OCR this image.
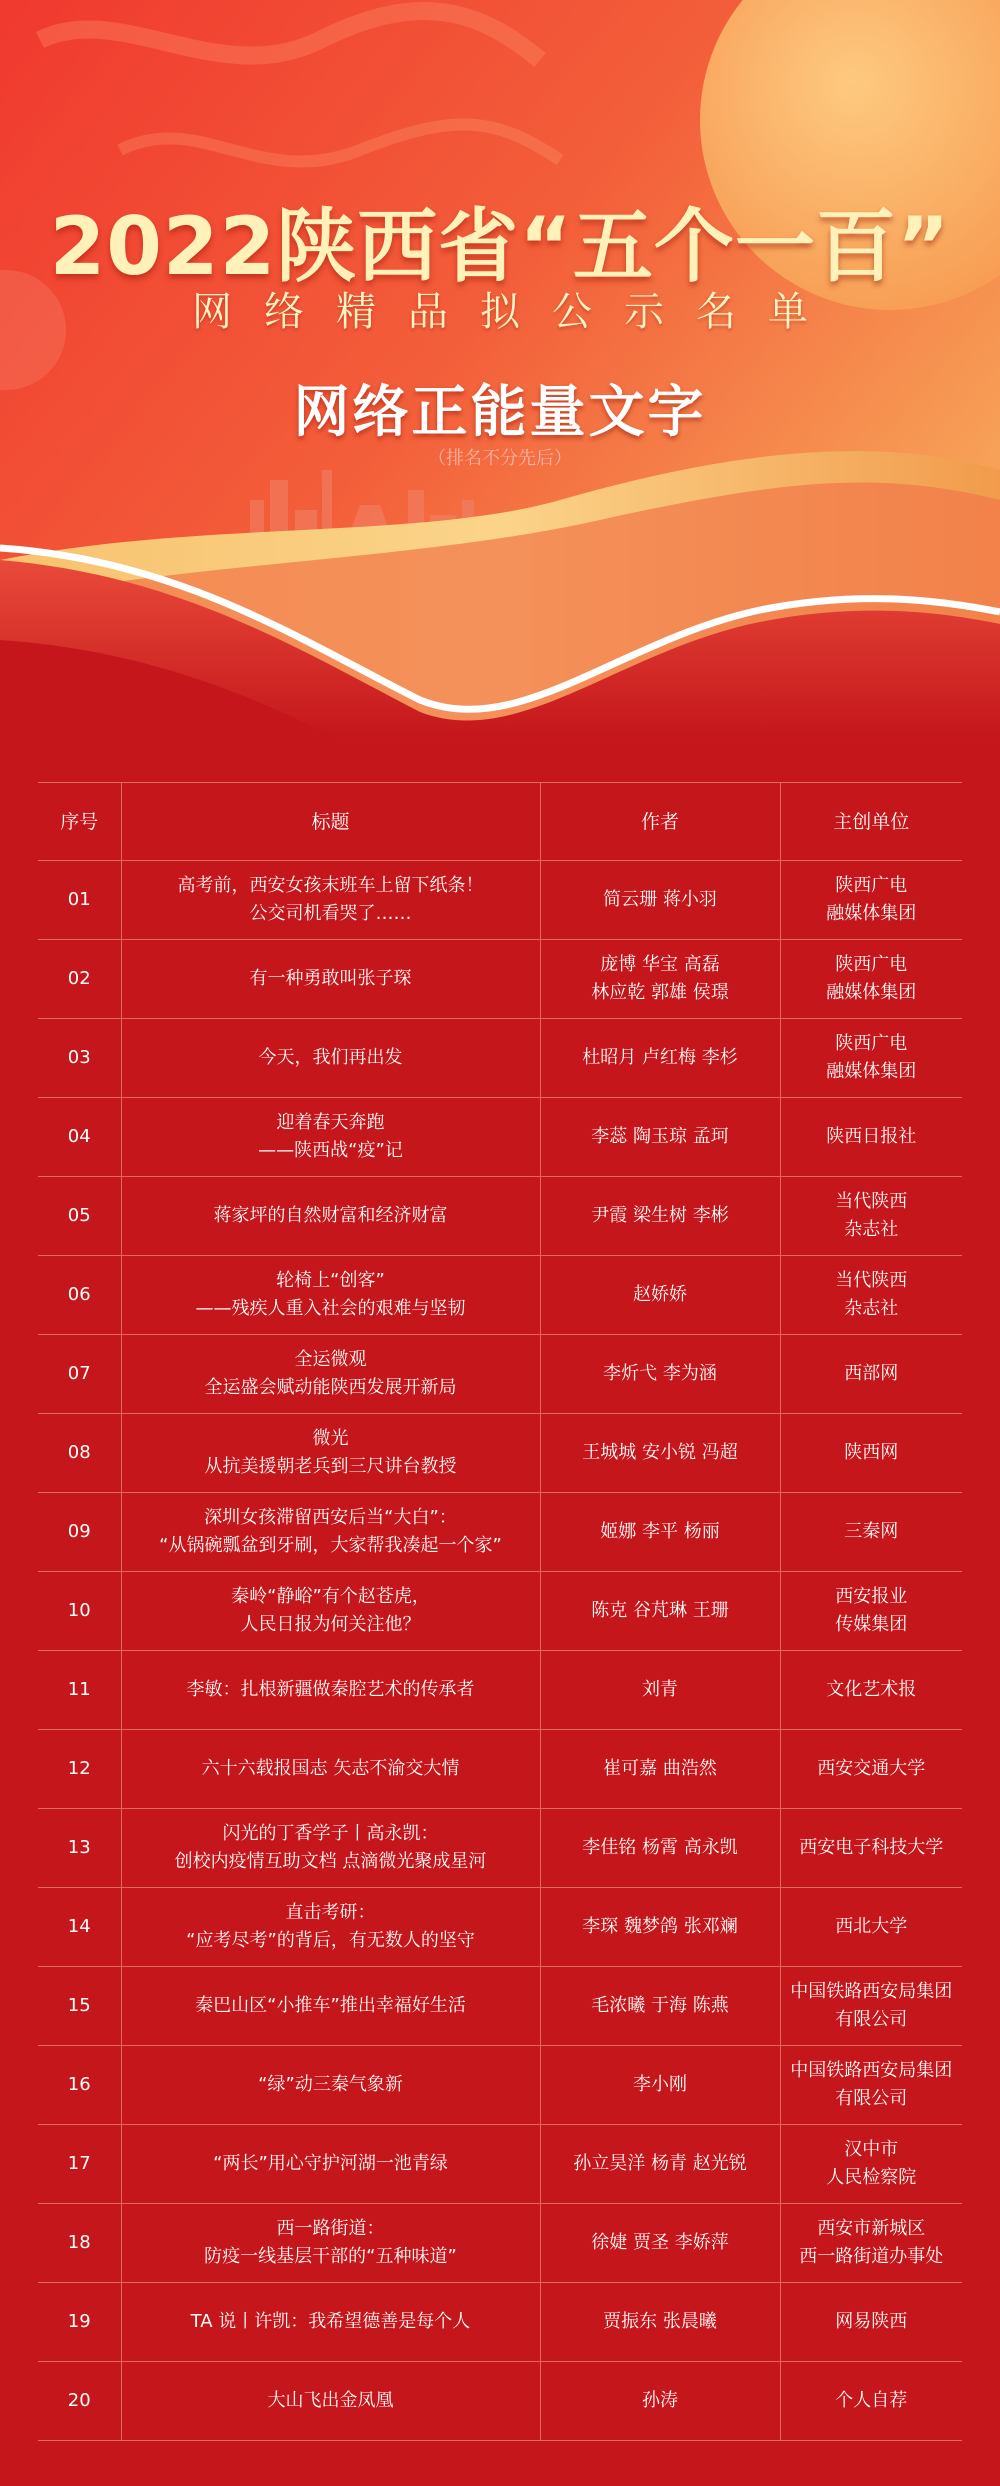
2022陕西省“五个一百”
网络精品拟公示名单
网络正能量文字
（排名不分先后）
序号	标题	作者	主创单位
01	高考前，西安女孩末班车上留下纸条！
公交司机看哭了……	简云珊 蒋小羽	陕西广电
融媒体集团

02	有一种勇敢叫张子琛	庞博 华宝 高磊
林应乾 郭雄 侯璟	陕西广电
融媒体集团

03	今天，我们再出发	杜昭月 卢红梅 李杉	陕西广电
融媒体集团

04	迎着春天奔跑
——陕西战“疫”记	李蕊 陶玉琼 孟珂	陕西日报社

05	蒋家坪的自然财富和经济财富	尹霞 梁生树 李彬	当代陕西
杂志社

06	轮椅上“创客”
——残疾人重入社会的艰难与坚韧	赵娇娇	当代陕西
杂志社

07	全运微观
全运盛会赋动能陕西发展开新局	李炘弋 李为涵	西部网

08	微光
从抗美援朝老兵到三尺讲台教授	王城城 安小锐 冯超	陕西网

09	深圳女孩滞留西安后当“大白”：
“从锅碗瓢盆到牙刷，大家帮我凑起一个家”	姬娜 李平 杨丽	三秦网

10	秦岭“静峪”有个赵苍虎，
人民日报为何关注他？	陈克 谷芃琳 王珊	西安报业
传媒集团

11	李敏：扎根新疆做秦腔艺术的传承者	刘青	文化艺术报

12	六十六载报国志 矢志不渝交大情	崔可嘉 曲浩然	西安交通大学

13	闪光的丁香学子丨高永凯：
创校内疫情互助文档 点滴微光聚成星河	李佳铭 杨霄 高永凯	西安电子科技大学

14	直击考研：
“应考尽考”的背后，有无数人的坚守	李琛 魏梦鸽 张邓斓	西北大学

15	秦巴山区“小推车”推出幸福好生活	毛浓曦 于海 陈燕	中国铁路西安局集团
有限公司

16	“绿”动三秦气象新	李小刚	中国铁路西安局集团
有限公司

17	“两长”用心守护河湖一池青绿	孙立昊洋 杨青 赵光锐	汉中市
人民检察院

18	西一路街道：
防疫一线基层干部的“五种味道”	徐婕 贾圣 李娇萍	西安市新城区
西一路街道办事处

19	TA 说丨许凯：我希望德善是每个人	贾振东 张晨曦	网易陕西

20	大山飞出金凤凰	孙涛	个人自荐
